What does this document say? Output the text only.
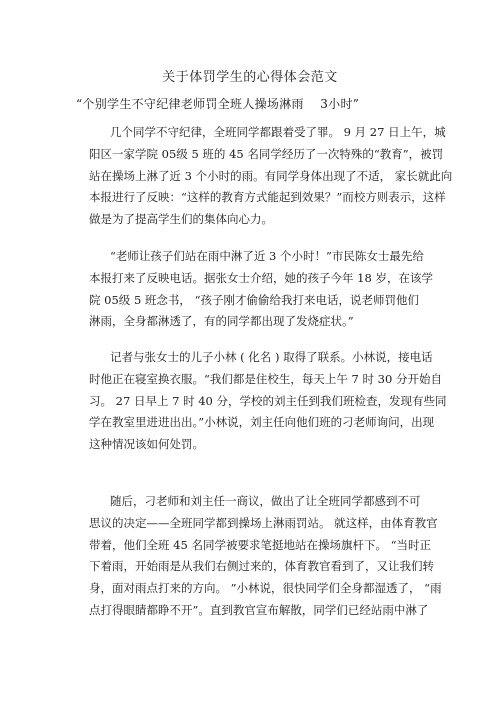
关于体罚学生的心得体会范文
“个别学生不守纪律老师罚全班人操场淋雨　 3小时”
几个同学不守纪律，全班同学都跟着受了罪。 9 月 27 日上午，城
阳区一家学院 05级 5 班的 45 名同学经历了一次特殊的“教育”，被罚
站在操场上淋了近 3 个小时的雨。有同学身体出现了不适， 家长就此向
本报进行了反映：“这样的教育方式能起到效果？”而校方则表示，这样
做是为了提高学生们的集体向心力。
“老师让孩子们站在雨中淋了近 3 个小时！”市民陈女士最先给
本报打来了反映电话。据张女士介绍，她的孩子今年 18 岁，在该学
院 05级 5 班念书， “孩子刚才偷偷给我打来电话，说老师罚他们
淋雨，全身都淋透了，有的同学都出现了发烧症状。”
记者与张女士的儿子小林 ( 化名 ) 取得了联系。小林说，接电话
时他正在寝室换衣服。“我们都是住校生，每天上午 7 时 30 分开始自
习。 27 日早上 7 时 40 分，学校的刘主任到我们班检查，发现有些同
学在教室里进进出出。”小林说，刘主任向他们班的刁老师询问，出现
这种情况该如何处罚。
随后，刁老师和刘主任一商议，做出了让全班同学都感到不可
思议的决定——全班同学都到操场上淋雨罚站。 就这样，由体育教官
带着，他们全班 45 名同学被要求笔挺地站在操场旗杆下。 “当时正
下着雨，开始雨是从我们右侧过来的，体育教官看到了，又让我们转
身，面对雨点打来的方向。 ”小林说，很快同学们全身都湿透了， “雨
点打得眼睛都睁不开”。直到教官宣布解散，同学们已经站雨中淋了
